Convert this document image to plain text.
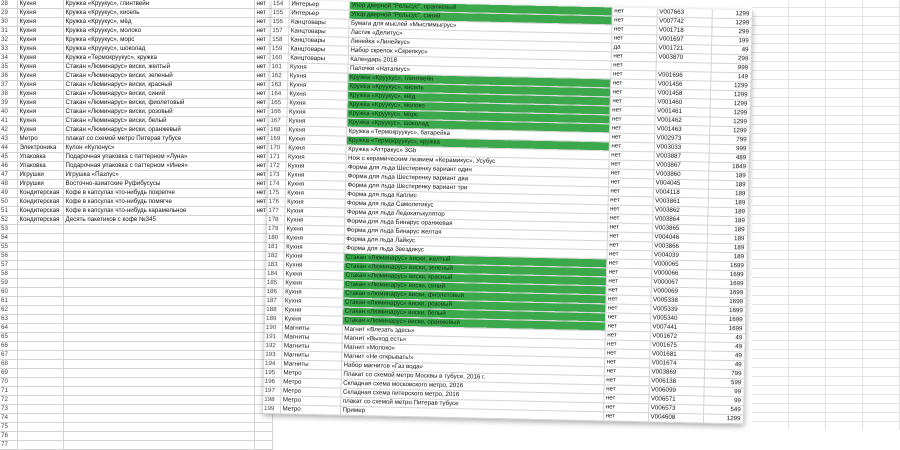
28	Кухня	Кружка «Круукус», глинтвейн	нет
29	Кухня	Кружка «Круукус», кисель	нет
30	Кухня	Кружка «Круукус», мёд	нет
31	Кухня	Кружка «Круукус», молоко	нет
32	Кухня	Кружка «Круукус», морс	нет
33	Кухня	Кружка «Круукус», шоколад	нет
34	Кухня	Кружка «Термокруукус», кружка	нет
35	Кухня	Стакан «Люминарус» виски, желтый	нет
36	Кухня	Стакан «Люминарус» виски, зеленый	нет
37	Кухня	Стакан «Люминарус» виски, красный	нет
38	Кухня	Стакан «Люминарус» виски, синий	нет
39	Кухня	Стакан «Люминарус» виски, фиолетовый	нет
40	Кухня	Стакан «Люминарус» виски, розовый	нет
41	Кухня	Стакан «Люминарус» виски, белый	нет
42	Кухня	Стакан «Люминарус» виски, оранжевый	нет
43	Метро	плакат со схемой метро Питерав тубусе	нет
44	Электроника	Кулон «Кулонус»	нет
45	Упаковка	Подарочная упаковка с паттерном «Луна»	нет
46	Упаковка	Подарочная упаковка с паттерном «Инея»	нет
47	Игрушки	Игрушка «Пазлус»	нет
48	Игрушки	Восточно-азиатские Руфибусусы	нет
49	Кондитерская	Кофе в капсулах что-нибудь покрепче	нет
50	Кондитерская	Кофе в капсулах что-нибудь помягче	нет
51	Кондитерская	Кофе в капсулах что-нибудь карамельное	нет
52	Кондитерская	Десять пакетиков с кофе №345	
53			
54			
55			
56			
57			
58			
59			
60			
61			
62			
63			
64			
65			
66			
67			
68			
69			
70			
71			
72			
73			
74			
75			
76			
77			
154	Интерьер	Упор дверной "Рельсус", оранжевый	нет	V007663	1299
155	Интерьер	Упор дверной "Рельсус", синий	нет	V007742	1299
156	Канцтовары	Бумага для мыслей «Мыслимыгрус»	нет	V001718	299
157	Канцтовары	Ластик «Делитус»	нет	V001697	199
158	Канцтовары	Линейка «Линейкус»	да	V001721	49
159	Канцтовары	Набор скрепок «Скрепкус»	нет	V003870	299
160	Канцтовары	Календарь 2018	нет		999
161	Кухня	Палочки «Наталиус»	нет	V001696	149
162	Кухня	Кружка «Круукус», глинтвейн	нет	V001456	1299
163	Кухня	Кружка «Круукус», кисель	нет	V001458	1299
164	Кухня	Кружка «Круукус», мёд	нет	V001460	1299
165	Кухня	Кружка «Круукус», молоко	нет	V001461	1299
166	Кухня	Кружка «Круукус», морс	нет	V001462	1299
167	Кухня	Кружка «Круукус», шоколад	нет	V001463	1299
168	Кухня	Кружка «Термокруукус», батарейка	нет	V002973	799
169	Кухня	Кружка «Термокруукус», кружка	нет	V003033	999
170	Кухня	Кружка «Аттракус» 3Gb	нет	V003887	489
171	Кухня	Нож с керамическим лезвием «Керамикус», Усубус	нет	V003867	1849
172	Кухня	Форма для льда Шестеренку вариант один	нет	V003860	189
173	Кухня	Форма для льда Шестеренку вариант два	нет	V004045	189
174	Кухня	Форма для льда Шестеренку вариант три	нет	V004118	189
175	Кухня	Форма для льда Каплис	нет	V003861	189
176	Кухня	Форма для льда Самолетикус	нет	V003862	189
177	Кухня	Форма для льда Ледокатькулятор	нет	V003864	189
178	Кухня	Форма для льда Бинарус оранжевая	нет	V003865	189
179	Кухня	Форма для льда Бинарус желтая	нет	V004046	189
180	Кухня	Форма для льда Лайкус	нет	V003866	189
181	Кухня	Форма для льда Звездикус	нет	V004039	189
182	Кухня	Стакан «Люминарус» виски, желтый	нет	V000065	1699
183	Кухня	Стакан «Люминарус» виски, зеленый	нет	V000066	1699
184	Кухня	Стакан «Люминарус» виски, красный	нет	V000067	1699
185	Кухня	Стакан «Люминарус» виски, синий	нет	V000069	1699
186	Кухня	Стакан «Люминарус» виски, фиолетовый	нет	V005338	1699
187	Кухня	Стакан «Люминарус» виски, розовый	нет	V005339	1699
188	Кухня	Стакан «Люминарус» виски, белый	нет	V005340	1699
189	Кухня	Стакан «Люминарус» виски, оранжевый	нет	V007441	1699
190	Магниты	Магнит «Влезать здесь»	нет	V001672	49
191	Магниты	Магнит «Выход есть»	нет	V001675	49
192	Магниты	Магнит «Молоко»	нет	V001681	49
193	Магниты	Магнит «Не открывать!»	нет	V001674	49
194	Магниты	Набор магнитов «Газ вода»	нет	V003869	799
195	Метро	Плакат со схемой метро Москвы в тубусе, 2016 г.	нет	V006138	599
196	Метро	Складная схема московского метро, 2016	нет	V006099	99
197	Метро	Складная схема питерского метро, 2016	нет	V006571	99
198	Метро	плакат со схемой метро Питерав тубусе	нет	V006573	549
199	Метро	Пример	нет	V004608	1299
